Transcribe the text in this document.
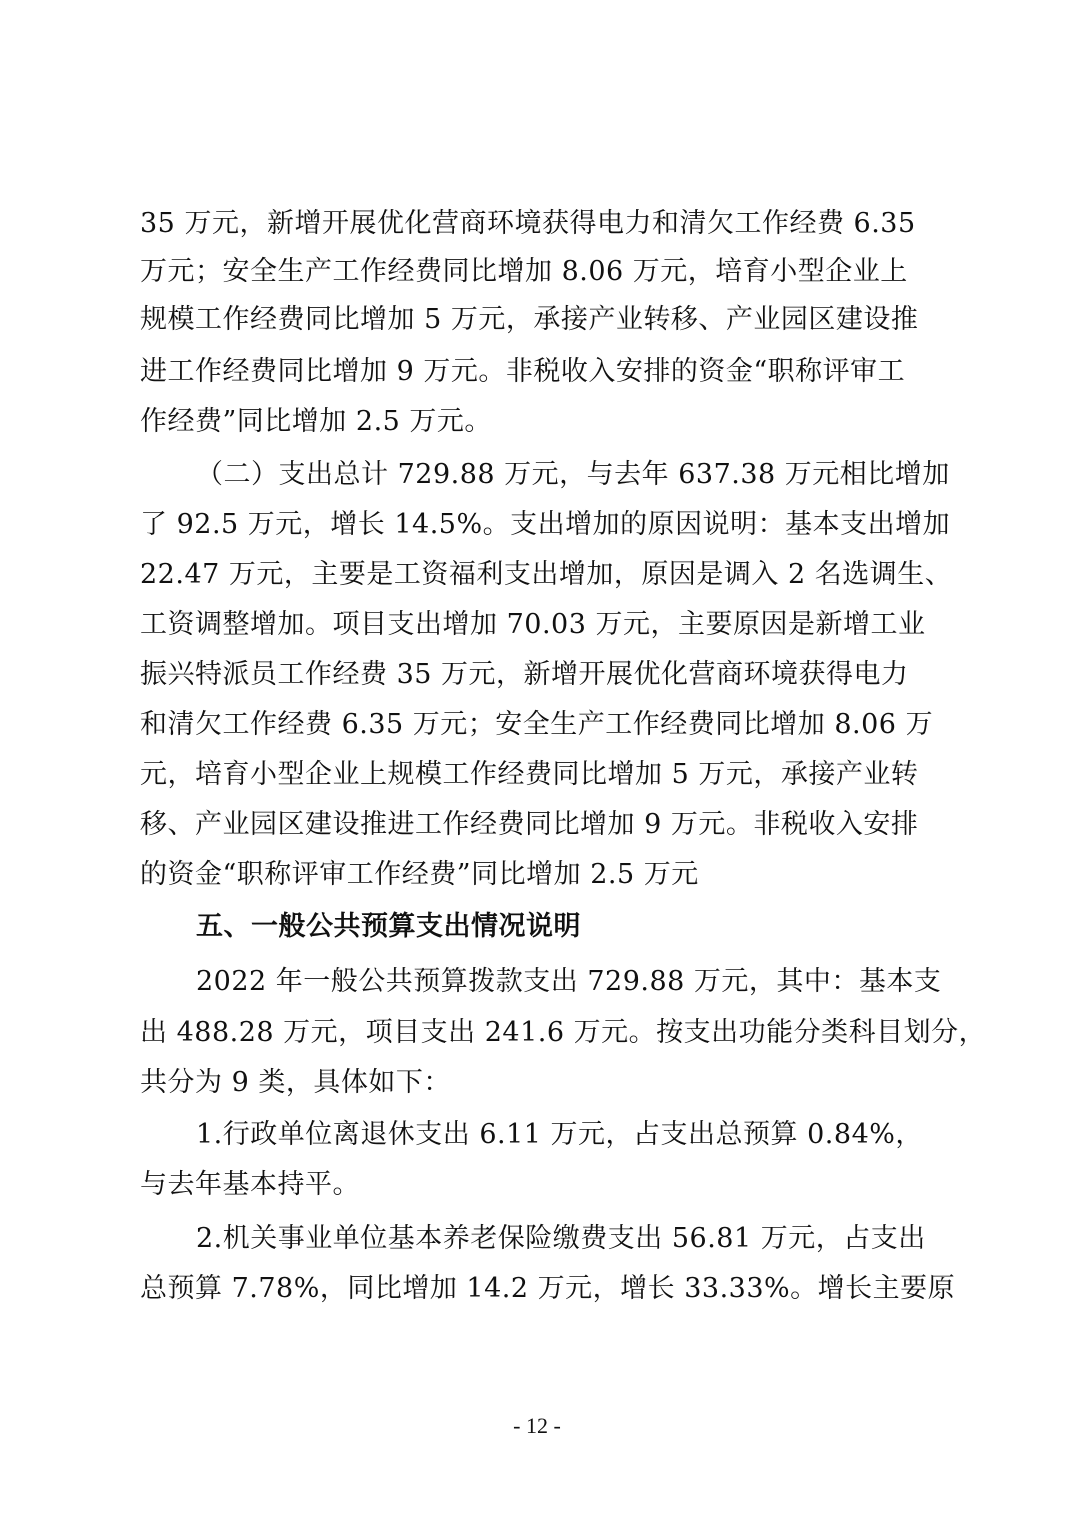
35 万元，新增开展优化营商环境获得电力和清欠工作经费 6.35
万元；安全生产工作经费同比增加 8.06 万元，培育小型企业上
规模工作经费同比增加 5 万元，承接产业转移、产业园区建设推
进工作经费同比增加 9 万元。非税收入安排的资金“职称评审工
作经费”同比增加 2.5 万元。
（二）支出总计 729.88 万元，与去年 637.38 万元相比增加
了 92.5 万元，增长 14.5%。支出增加的原因说明：基本支出增加
22.47 万元，主要是工资福利支出增加，原因是调入 2 名选调生、
工资调整增加。项目支出增加 70.03 万元，主要原因是新增工业
振兴特派员工作经费 35 万元，新增开展优化营商环境获得电力
和清欠工作经费 6.35 万元；安全生产工作经费同比增加 8.06 万
元，培育小型企业上规模工作经费同比增加 5 万元，承接产业转
移、产业园区建设推进工作经费同比增加 9 万元。非税收入安排
的资金“职称评审工作经费”同比增加 2.5 万元
五、一般公共预算支出情况说明
2022 年一般公共预算拨款支出 729.88 万元，其中：基本支
出 488.28 万元，项目支出 241.6 万元。按支出功能分类科目划分，
共分为 9 类，具体如下：
1.行政单位离退休支出 6.11 万元，占支出总预算 0.84%，
与去年基本持平。
2.机关事业单位基本养老保险缴费支出 56.81 万元，占支出
总预算 7.78%，同比增加 14.2 万元，增长 33.33%。增长主要原
- 12 -
